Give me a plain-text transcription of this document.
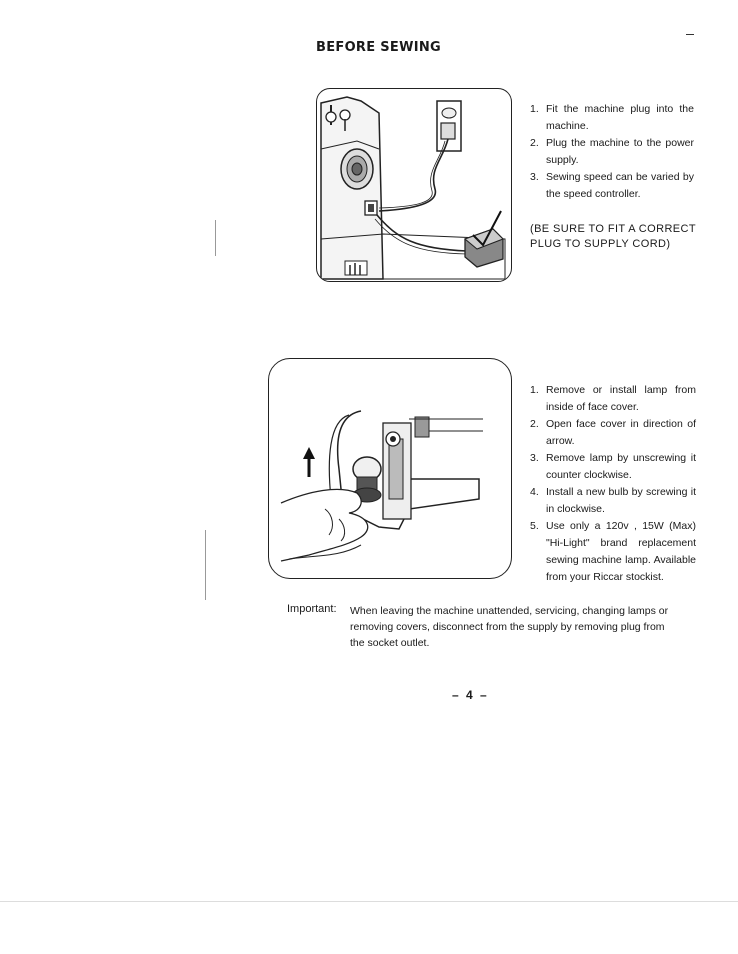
BEFORE SEWING
1. Fit the machine plug into the machine.
2. Plug the machine to the power supply.
3. Sewing speed can be varied by the speed controller.
(BE SURE TO FIT A CORRECT PLUG TO SUPPLY CORD)
1. Remove or install lamp from inside of face cover.
2. Open face cover in direction of arrow.
3. Remove lamp by unscrewing it counter clockwise.
4. Install a new bulb by screwing it in clockwise.
5. Use only a 120v , 15W (Max) "Hi-Light" brand replacement sewing machine lamp. Available from your Riccar stockist.
Important: When leaving the machine unattended, servicing, changing lamps or removing covers, disconnect from the supply by removing plug from the socket outlet.
– 4 –
